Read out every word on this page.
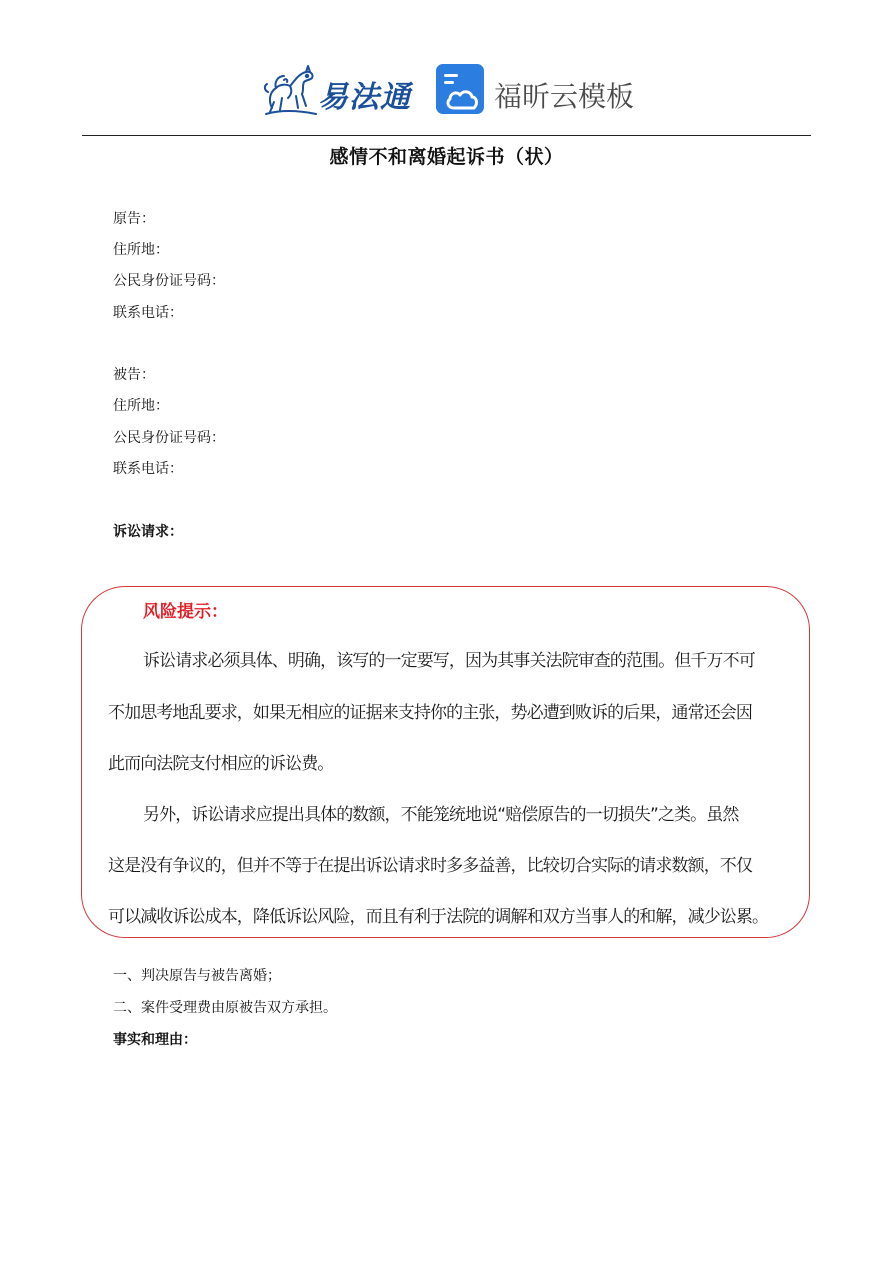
易法通	福昕云模板
感情不和离婚起诉书（状）
原告：
住所地：
公民身份证号码：
联系电话：
被告：
住所地：
公民身份证号码：
联系电话：
诉讼请求：
风险提示：
诉讼请求必须具体、明确，该写的一定要写，因为其事关法院审查的范围。但千万不可
不加思考地乱要求，如果无相应的证据来支持你的主张，势必遭到败诉的后果，通常还会因
此而向法院支付相应的诉讼费。
另外，诉讼请求应提出具体的数额，不能笼统地说“赔偿原告的一切损失”之类。虽然
这是没有争议的，但并不等于在提出诉讼请求时多多益善，比较切合实际的请求数额，不仅
可以减收诉讼成本，降低诉讼风险，而且有利于法院的调解和双方当事人的和解，减少讼累。
一、判决原告与被告离婚；
二、案件受理费由原被告双方承担。
事实和理由：
